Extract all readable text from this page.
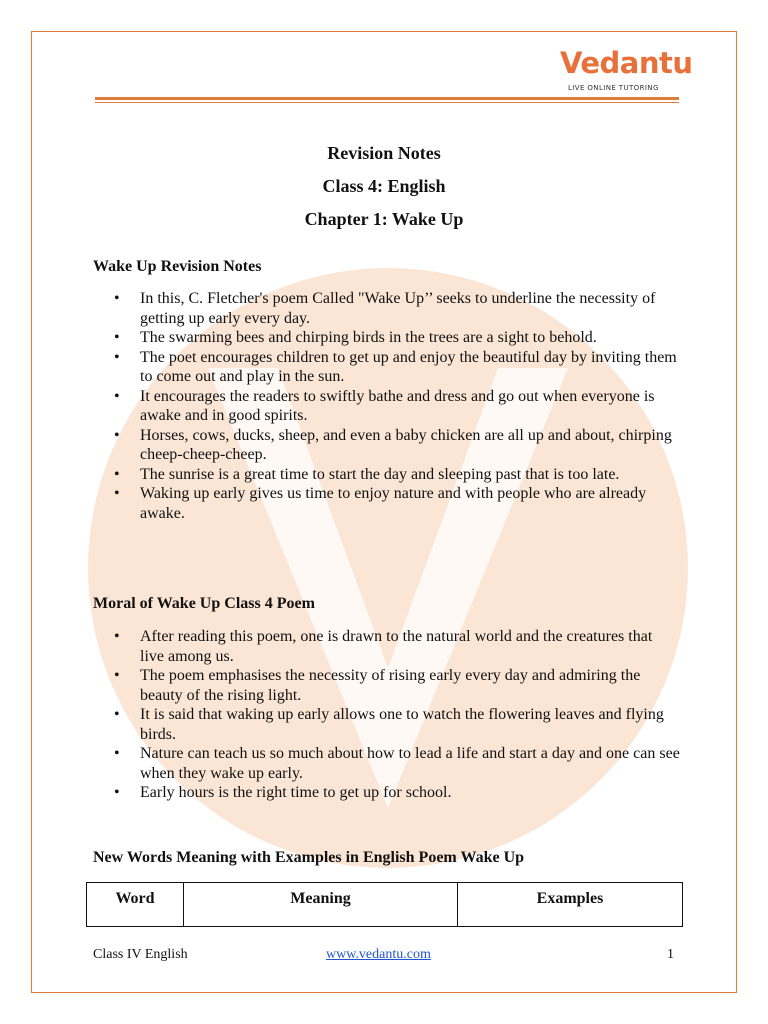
Vedantu
LIVE ONLINE TUTORING
Revision Notes
Class 4: English
Chapter 1: Wake Up
Wake Up Revision Notes
• In this, C. Fletcher's poem Called "Wake Up’’ seeks to underline the necessity of getting up early every day.
• The swarming bees and chirping birds in the trees are a sight to behold.
• The poet encourages children to get up and enjoy the beautiful day by inviting them to come out and play in the sun.
• It encourages the readers to swiftly bathe and dress and go out when everyone is awake and in good spirits.
• Horses, cows, ducks, sheep, and even a baby chicken are all up and about, chirping cheep-cheep-cheep.
• The sunrise is a great time to start the day and sleeping past that is too late.
• Waking up early gives us time to enjoy nature and with people who are already awake.
Moral of Wake Up Class 4 Poem
• After reading this poem, one is drawn to the natural world and the creatures that live among us.
• The poem emphasises the necessity of rising early every day and admiring the beauty of the rising light.
• It is said that waking up early allows one to watch the flowering leaves and flying birds.
• Nature can teach us so much about how to lead a life and start a day and one can see when they wake up early.
• Early hours is the right time to get up for school.
New Words Meaning with Examples in English Poem Wake Up
Word	Meaning	Examples
Class IV English	www.vedantu.com	1
